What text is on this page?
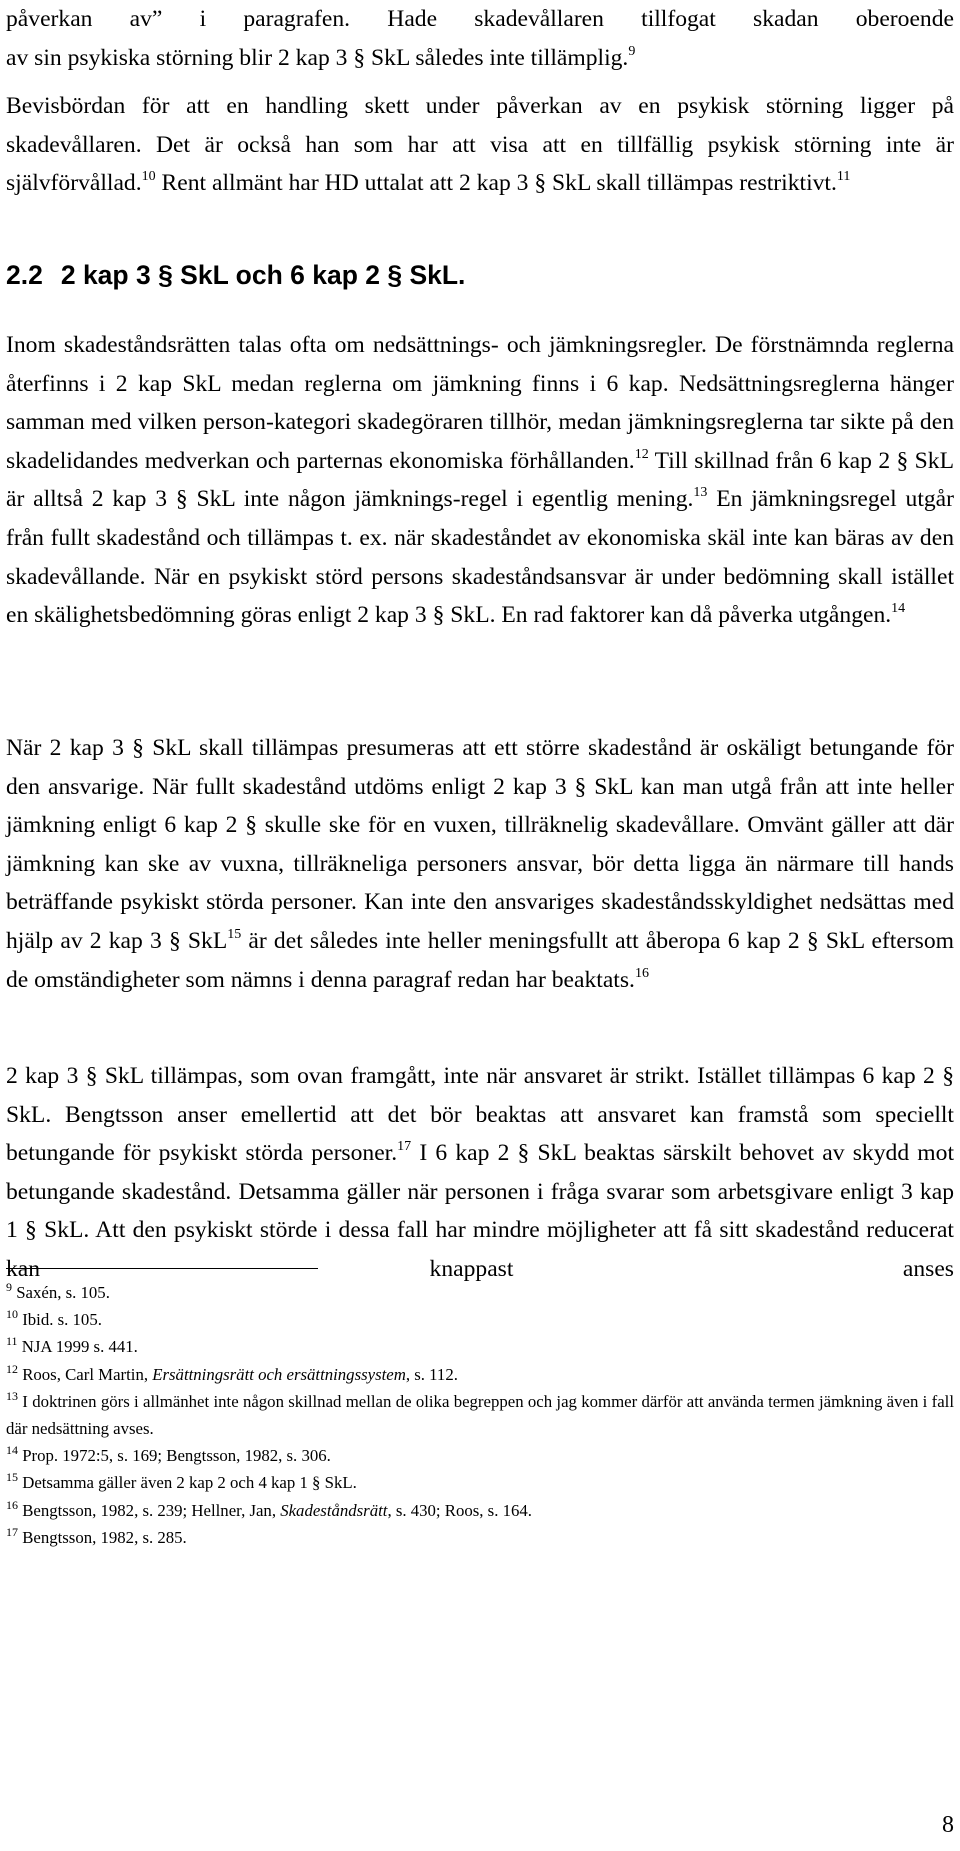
påverkan av” i paragrafen. Hade skadevållaren tillfogat skadan oberoende

av sin psykiska störning blir 2 kap 3 § SkL således inte tillämplig.$^9$

Bevisbördan för att en handling skett under påverkan av en psykisk störning ligger på skadevållaren. Det är också han som har att visa att en tillfällig psykisk störning inte är självförvållad.$^{10}$ Rent allmänt har HD uttalat att 2 kap 3 § SkL skall tillämpas restriktivt.$^{11}$

2.2 2 kap 3 § SkL och 6 kap 2 § SkL.

Inom skadeståndsrätten talas ofta om nedsättnings- och jämkningsregler. De förstnämnda reglerna återfinns i 2 kap SkL medan reglerna om jämkning finns i 6 kap. Nedsättningsreglerna hänger samman med vilken person-kategori skadegöraren tillhör, medan jämkningsreglerna tar sikte på den skadelidandes medverkan och parternas ekonomiska förhållanden.$^{12}$ Till skillnad från 6 kap 2 § SkL är alltså 2 kap 3 § SkL inte någon jämknings-regel i egentlig mening.$^{13}$ En jämkningsregel utgår från fullt skadestånd och tillämpas t. ex. när skadeståndet av ekonomiska skäl inte kan bäras av den skadevållande. När en psykiskt störd persons skadeståndsansvar är under bedömning skall istället en skälighetsbedömning göras enligt 2 kap 3 § SkL. En rad faktorer kan då påverka utgången.$^{14}$

När 2 kap 3 § SkL skall tillämpas presumeras att ett större skadestånd är oskäligt betungande för den ansvarige. När fullt skadestånd utdöms enligt 2 kap 3 § SkL kan man utgå från att inte heller jämkning enligt 6 kap 2 § skulle ske för en vuxen, tillräknelig skadevållare. Omvänt gäller att där jämkning kan ske av vuxna, tillräkneliga personers ansvar, bör detta ligga än närmare till hands beträffande psykiskt störda personer. Kan inte den ansvariges skadeståndsskyldighet nedsättas med hjälp av 2 kap 3 § SkL$^{15}$ är det således inte heller meningsfullt att åberopa 6 kap 2 § SkL eftersom de omständigheter som nämns i denna paragraf redan har beaktats.$^{16}$

2 kap 3 § SkL tillämpas, som ovan framgått, inte när ansvaret är strikt. Istället tillämpas 6 kap 2 § SkL. Bengtsson anser emellertid att det bör beaktas att ansvaret kan framstå som speciellt betungande för psykiskt störda personer.$^{17}$ I 6 kap 2 § SkL beaktas särskilt behovet av skydd mot betungande skadestånd. Detsamma gäller när personen i fråga svarar som arbetsgivare enligt 3 kap 1 § SkL. Att den psykiskt störde i dessa fall har mindre möjligheter att få sitt skadestånd reducerat kan knappast anses

$^9$ Saxén, s. 105.

$^{10}$ Ibid. s. 105.

$^{11}$ NJA 1999 s. 441.

$^{12}$ Roos, Carl Martin, Ersättningsrätt och ersättningssystem, s. 112.

$^{13}$ I doktrinen görs i allmänhet inte någon skillnad mellan de olika begreppen och jag kommer därför att använda termen jämkning även i fall där nedsättning avses.

$^{14}$ Prop. 1972:5, s. 169; Bengtsson, 1982, s. 306.

$^{15}$ Detsamma gäller även 2 kap 2 och 4 kap 1 § SkL.

$^{16}$ Bengtsson, 1982, s. 239; Hellner, Jan, Skadeståndsrätt, s. 430; Roos, s. 164.

$^{17}$ Bengtsson, 1982, s. 285.

8
